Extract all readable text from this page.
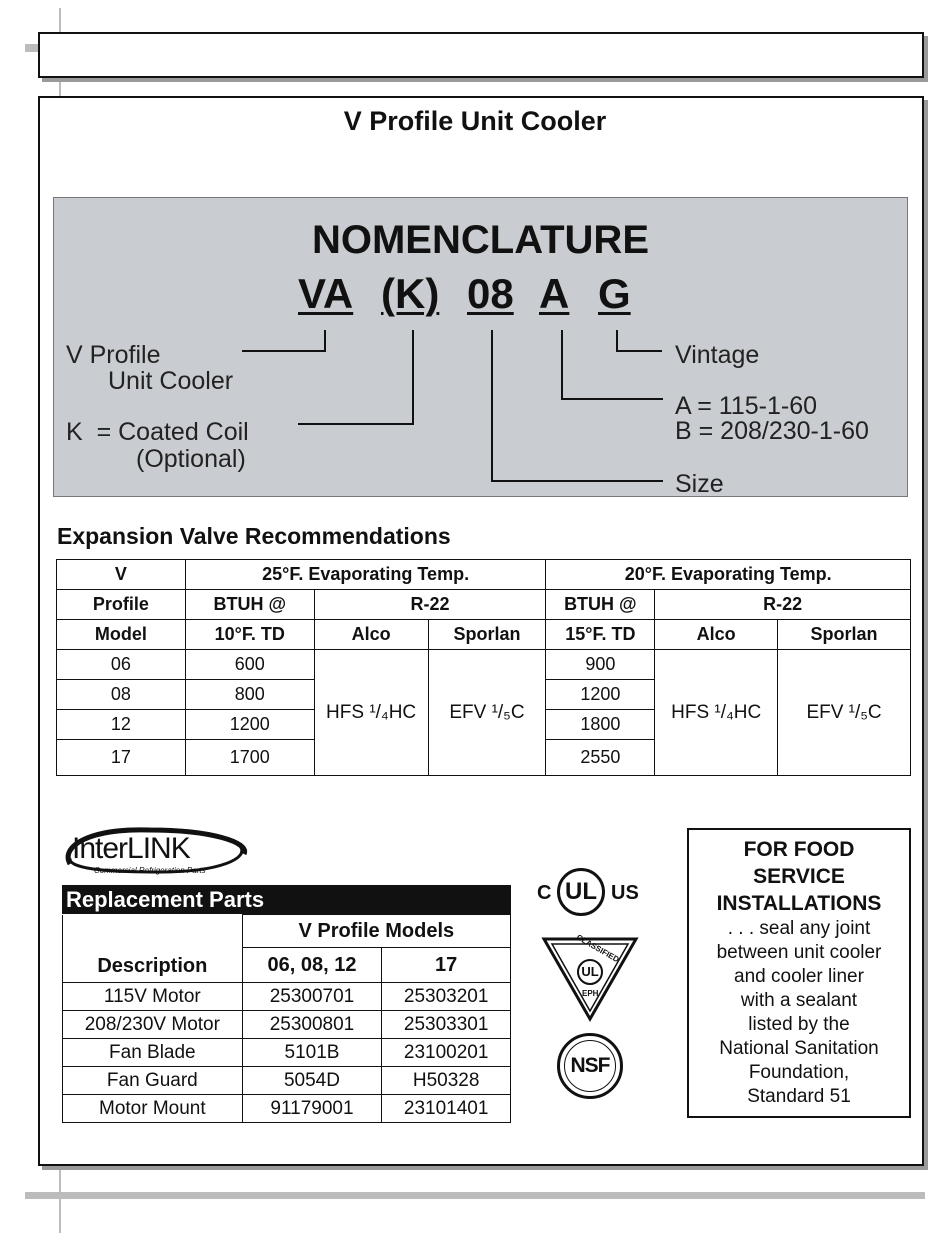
V Profile Unit Cooler
NOMENCLATURE
VA (K) 08 A G
V Profile
Unit Cooler
K  = Coated Coil
(Optional)
Vintage
A = 115-1-60
B = 208/230-1-60
Size
Expansion Valve Recommendations
V	25°F. Evaporating Temp.			20°F. Evaporating Temp.		
Profile	BTUH @	R-22		BTUH @	R-22	
Model	10°F. TD	Alco	Sporlan	15°F. TD	Alco	Sporlan
06	600	HFS ¹/₄HC	EFV ¹/₅C	900	HFS ¹/₄HC	EFV ¹/₅C
08	800			1200		
12	1200			1800		
17	1700			2550		
InterLINK
Commercial Refrigeration Parts
Replacement Parts
Description	V Profile Models	
	06, 08, 12	17
115V Motor	25300701	25303201
208/230V Motor	25300801	25303301
Fan Blade	5101B	23100201
Fan Guard	5054D	H50328
Motor Mount	91179001	23101401
C UL US
CLASSIFIED
UL
EPH
NSF
FOR FOOD
SERVICE
INSTALLATIONS
. . . seal any joint
between unit cooler
and cooler liner
with a sealant
listed by the
National Sanitation
Foundation,
Standard 51
